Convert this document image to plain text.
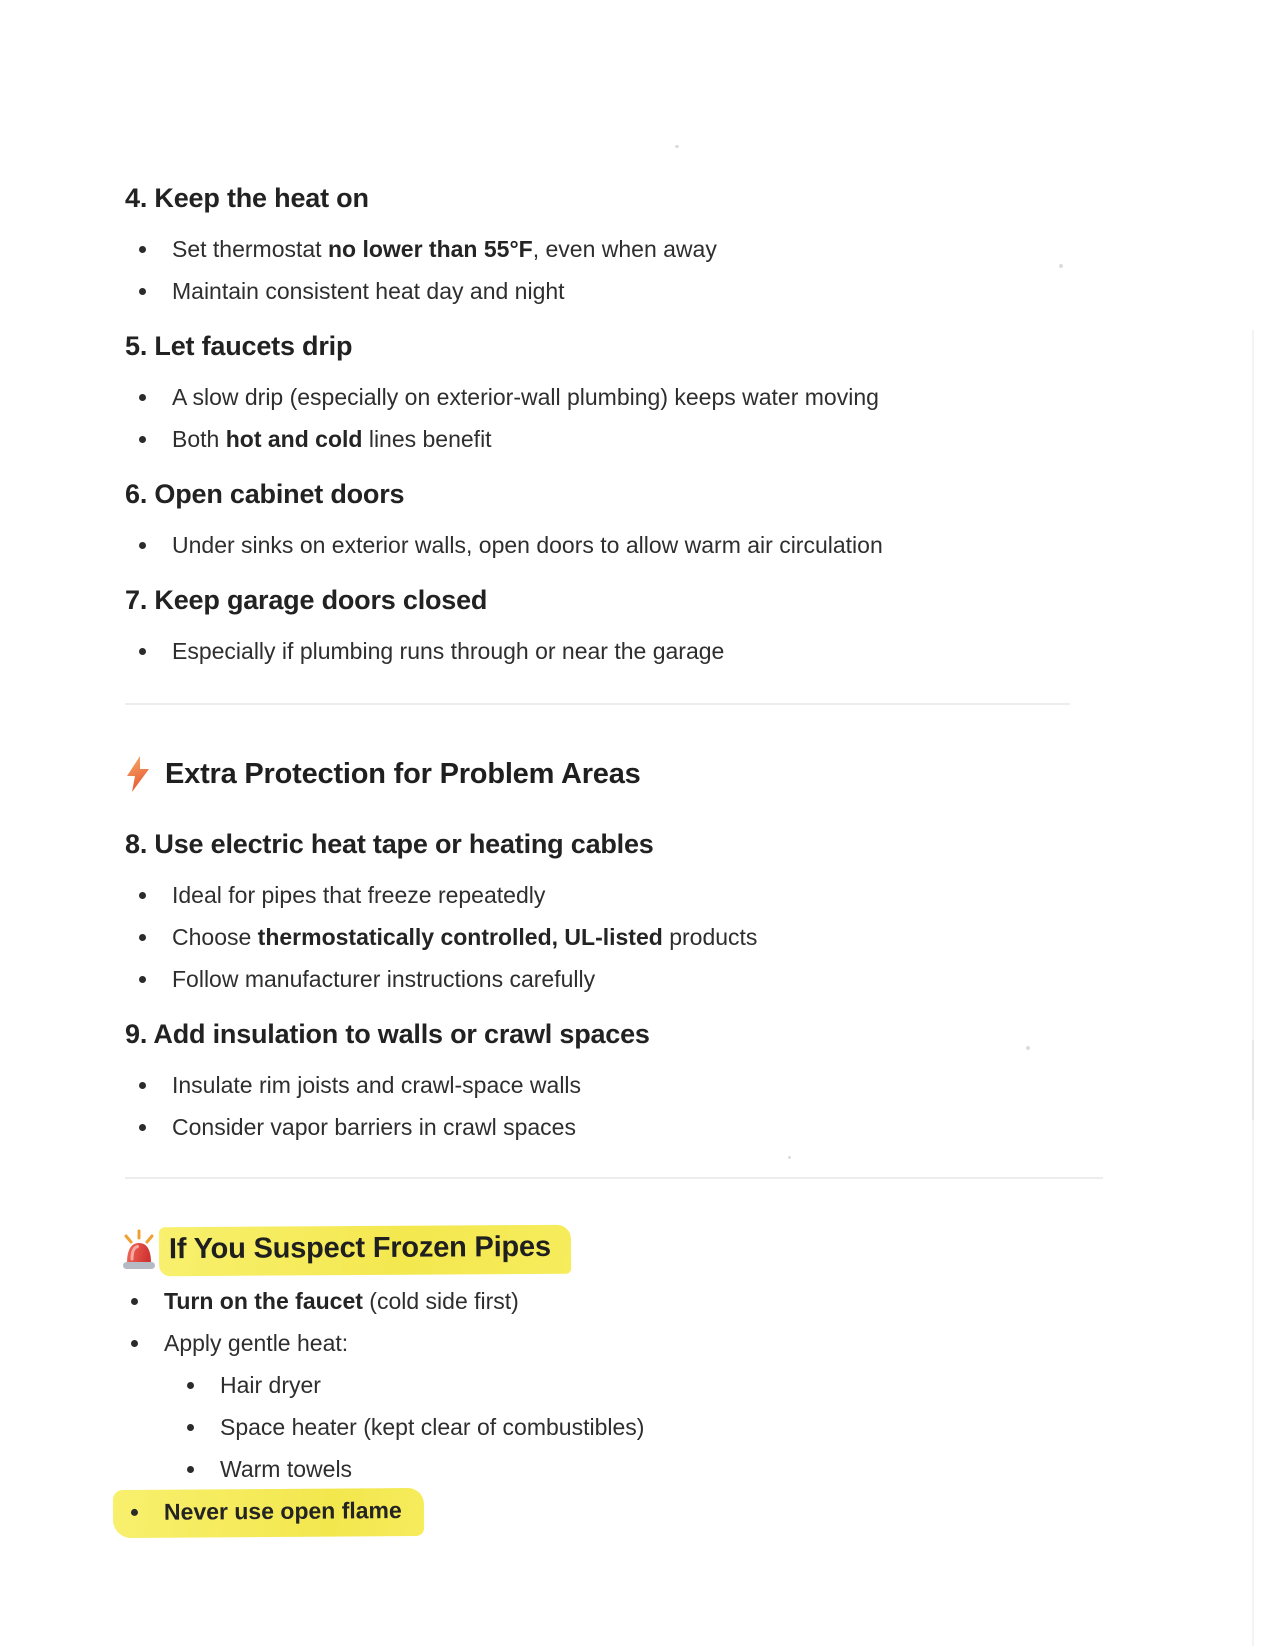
4. Keep the heat on
Set thermostat no lower than 55°F, even when away
Maintain consistent heat day and night
5. Let faucets drip
A slow drip (especially on exterior-wall plumbing) keeps water moving
Both hot and cold lines benefit
6. Open cabinet doors
Under sinks on exterior walls, open doors to allow warm air circulation
7. Keep garage doors closed
Especially if plumbing runs through or near the garage
Extra Protection for Problem Areas
8. Use electric heat tape or heating cables
Ideal for pipes that freeze repeatedly
Choose thermostatically controlled, UL-listed products
Follow manufacturer instructions carefully
9. Add insulation to walls or crawl spaces
Insulate rim joists and crawl-space walls
Consider vapor barriers in crawl spaces
If You Suspect Frozen Pipes
Turn on the faucet (cold side first)
Apply gentle heat:
Hair dryer
Space heater (kept clear of combustibles)
Warm towels
Never use open flame
